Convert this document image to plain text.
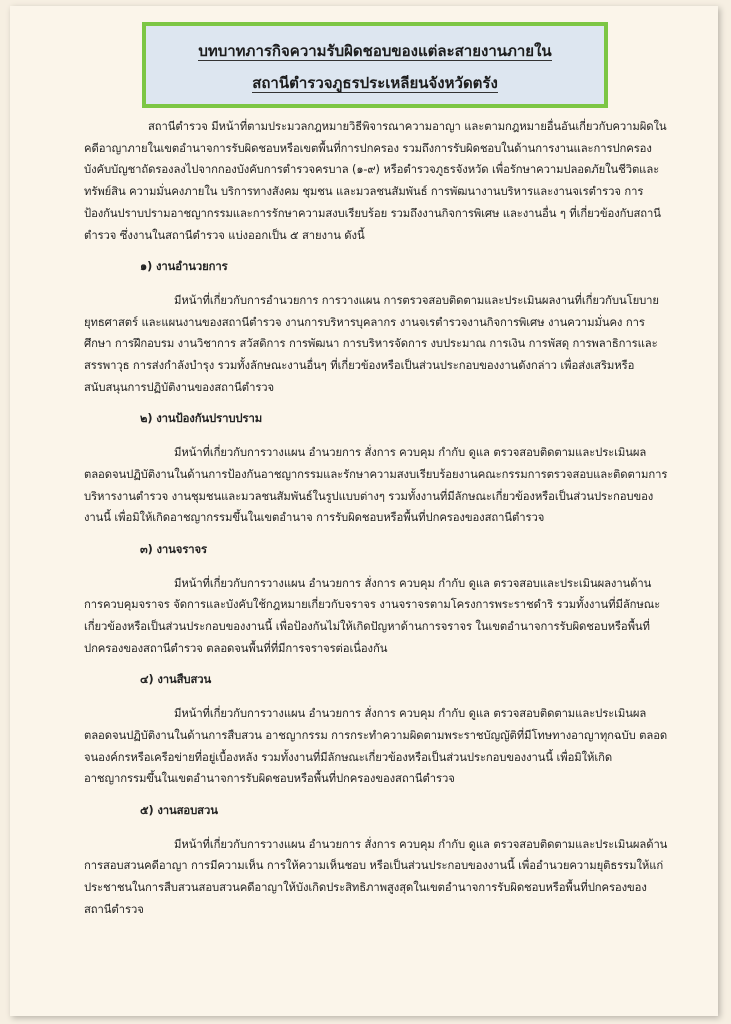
บทบาทภารกิจความรับผิดชอบของแต่ละสายงานภายใน
สถานีตำรวจภูธรประเหลียนจังหวัดตรัง

สถานีตำรวจ มีหน้าที่ตามประมวลกฎหมายวิธีพิจารณาความอาญา และตามกฎหมายอื่นอันเกี่ยวกับความผิดในคดีอาญาภายในเขตอำนาจการรับผิดชอบหรือเขตพื้นที่การปกครอง รวมถึงการรับผิดชอบในด้านการงานและการปกครองบังคับบัญชาถัดรองลงไปจากกองบังคับการตำรวจครบาล (๑-๙) หรือตำรวจภูธรจังหวัด เพื่อรักษาความปลอดภัยในชีวิตและทรัพย์สิน ความมั่นคงภายใน บริการทางสังคม ชุมชน และมวลชนสัมพันธ์ การพัฒนางานบริหารและงานจเรตำรวจ การป้องกันปราบปรามอาชญากรรมและการรักษาความสงบเรียบร้อย รวมถึงงานกิจการพิเศษ และงานอื่น ๆ ที่เกี่ยวข้องกับสถานีตำรวจ ซึ่งงานในสถานีตำรวจ แบ่งออกเป็น ๕ สายงาน ดังนี้

๑) งานอำนวยการ

มีหน้าที่เกี่ยวกับการอำนวยการ การวางแผน การตรวจสอบติดตามและประเมินผลงานที่เกี่ยวกับนโยบาย ยุทธศาสตร์ และแผนงานของสถานีตำรวจ งานการบริหารบุคลากร งานจเรตำรวจงานกิจการพิเศษ งานความมั่นคง การศึกษา การฝึกอบรม งานวิชาการ สวัสดิการ การพัฒนา การบริหารจัดการ งบประมาณ การเงิน การพัสดุ การพลาธิการและสรรพาวุธ การส่งกำลังบำรุง รวมทั้งลักษณะงานอื่นๆ ที่เกี่ยวข้องหรือเป็นส่วนประกอบของงานดังกล่าว เพื่อส่งเสริมหรือสนับสนุนการปฏิบัติงานของสถานีตำรวจ

๒) งานป้องกันปราบปราม

มีหน้าที่เกี่ยวกับการวางแผน อำนวยการ สั่งการ ควบคุม กำกับ ดูแล ตรวจสอบติดตามและประเมินผล ตลอดจนปฏิบัติงานในด้านการป้องกันอาชญากรรมและรักษาความสงบเรียบร้อยงานคณะกรรมการตรวจสอบและติดตามการบริหารงานตำรวจ งานชุมชนและมวลชนสัมพันธ์ในรูปแบบต่างๆ รวมทั้งงานที่มีลักษณะเกี่ยวข้องหรือเป็นส่วนประกอบของงานนี้ เพื่อมิให้เกิดอาชญากรรมขึ้นในเขตอำนาจ การรับผิดชอบหรือพื้นที่ปกครองของสถานีตำรวจ

๓) งานจราจร

มีหน้าที่เกี่ยวกับการวางแผน อำนวยการ สั่งการ ควบคุม กำกับ ดูแล ตรวจสอบและประเมินผลงานด้านการควบคุมจราจร จัดการและบังคับใช้กฎหมายเกี่ยวกับจราจร งานจราจรตามโครงการพระราชดำริ รวมทั้งงานที่มีลักษณะเกี่ยวข้องหรือเป็นส่วนประกอบของงานนี้ เพื่อป้องกันไม่ให้เกิดปัญหาด้านการจราจร ในเขตอำนาจการรับผิดชอบหรือพื้นที่ปกครองของสถานีตำรวจ ตลอดจนพื้นที่ที่มีการจราจรต่อเนื่องกัน

๔) งานสืบสวน

มีหน้าที่เกี่ยวกับการวางแผน อำนวยการ สั่งการ ควบคุม กำกับ ดูแล ตรวจสอบติดตามและประเมินผล ตลอดจนปฏิบัติงานในด้านการสืบสวน อาชญากรรม การกระทำความผิดตามพระราชบัญญัติที่มีโทษทางอาญาทุกฉบับ ตลอดจนองค์กรหรือเครือข่ายที่อยู่เบื้องหลัง รวมทั้งงานที่มีลักษณะเกี่ยวข้องหรือเป็นส่วนประกอบของงานนี้ เพื่อมิให้เกิดอาชญากรรมขึ้นในเขตอำนาจการรับผิดชอบหรือพื้นที่ปกครองของสถานีตำรวจ

๕) งานสอบสวน

มีหน้าที่เกี่ยวกับการวางแผน อำนวยการ สั่งการ ควบคุม กำกับ ดูแล ตรวจสอบติดตามและประเมินผลด้านการสอบสวนคดีอาญา การมีความเห็น การให้ความเห็นชอบ หรือเป็นส่วนประกอบของงานนี้ เพื่ออำนวยความยุติธรรมให้แก่ประชาชนในการสืบสวนสอบสวนคดีอาญาให้บังเกิดประสิทธิภาพสูงสุดในเขตอำนาจการรับผิดชอบหรือพื้นที่ปกครองของสถานีตำรวจ
